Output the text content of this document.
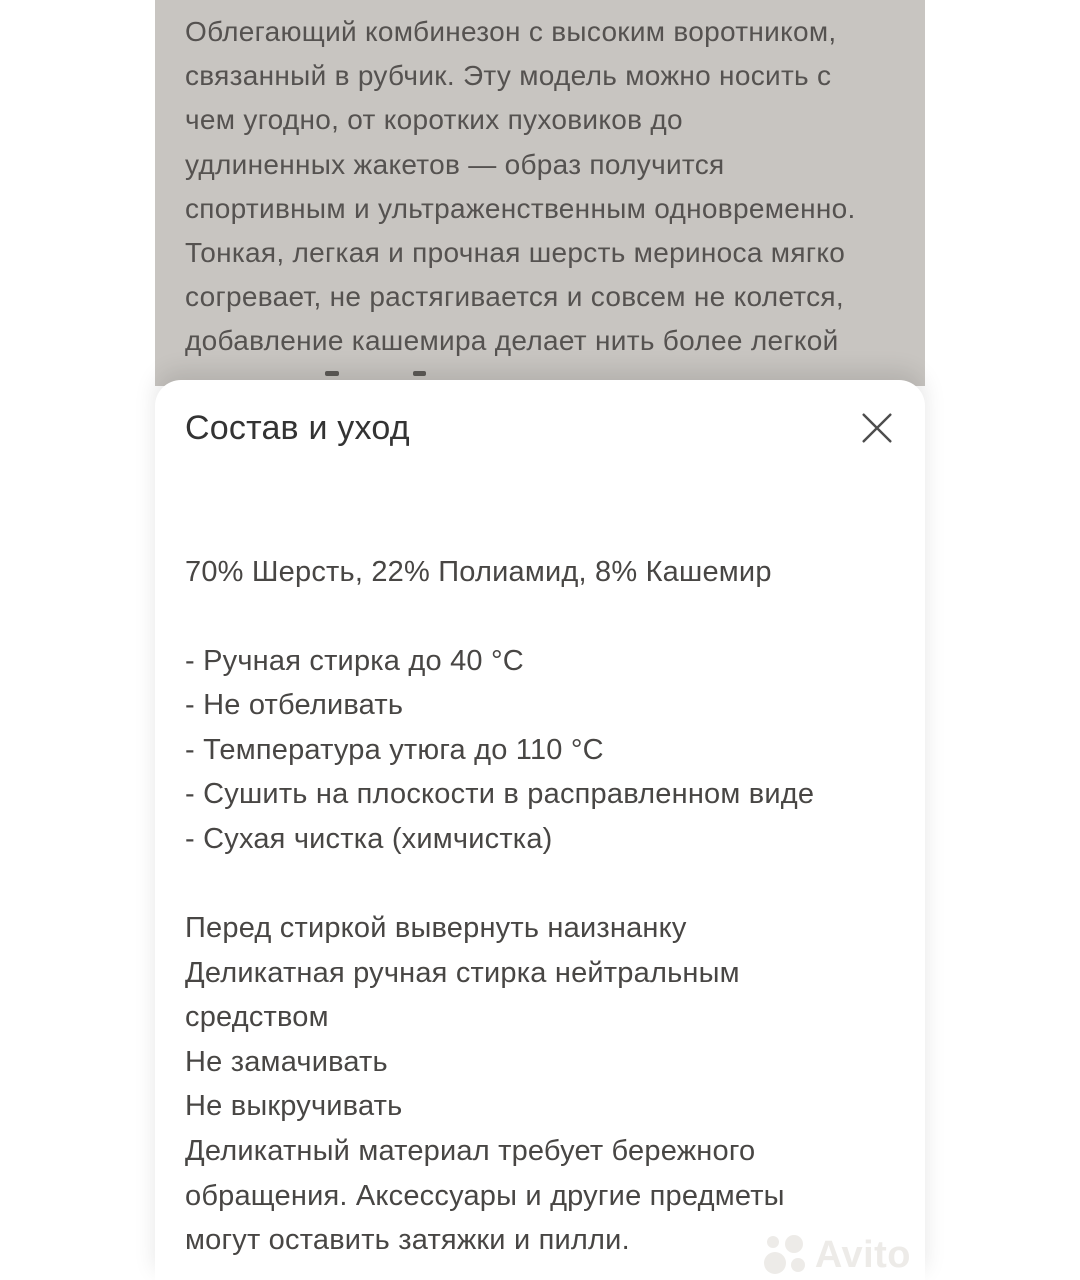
Облегающий комбинезон с высоким воротником,
связанный в рубчик. Эту модель можно носить с
чем угодно, от коротких пуховиков до
удлиненных жакетов — образ получится
спортивным и ультраженственным одновременно.
Тонкая, легкая и прочная шерсть мериноса мягко
согревает, не растягивается и совсем не колется,
добавление кашемира делает нить более легкой
Состав и уход
70% Шерсть, 22% Полиамид, 8% Кашемир
- Ручная стирка до 40 °С
- Не отбеливать
- Температура утюга до 110 °С
- Сушить на плоскости в расправленном виде
- Сухая чистка (химчистка)
Перед стиркой вывернуть наизнанку
Деликатная ручная стирка нейтральным
средством
Не замачивать
Не выкручивать
Деликатный материал требует бережного
обращения. Аксессуары и другие предметы
могут оставить затяжки и пилли.	Avito
